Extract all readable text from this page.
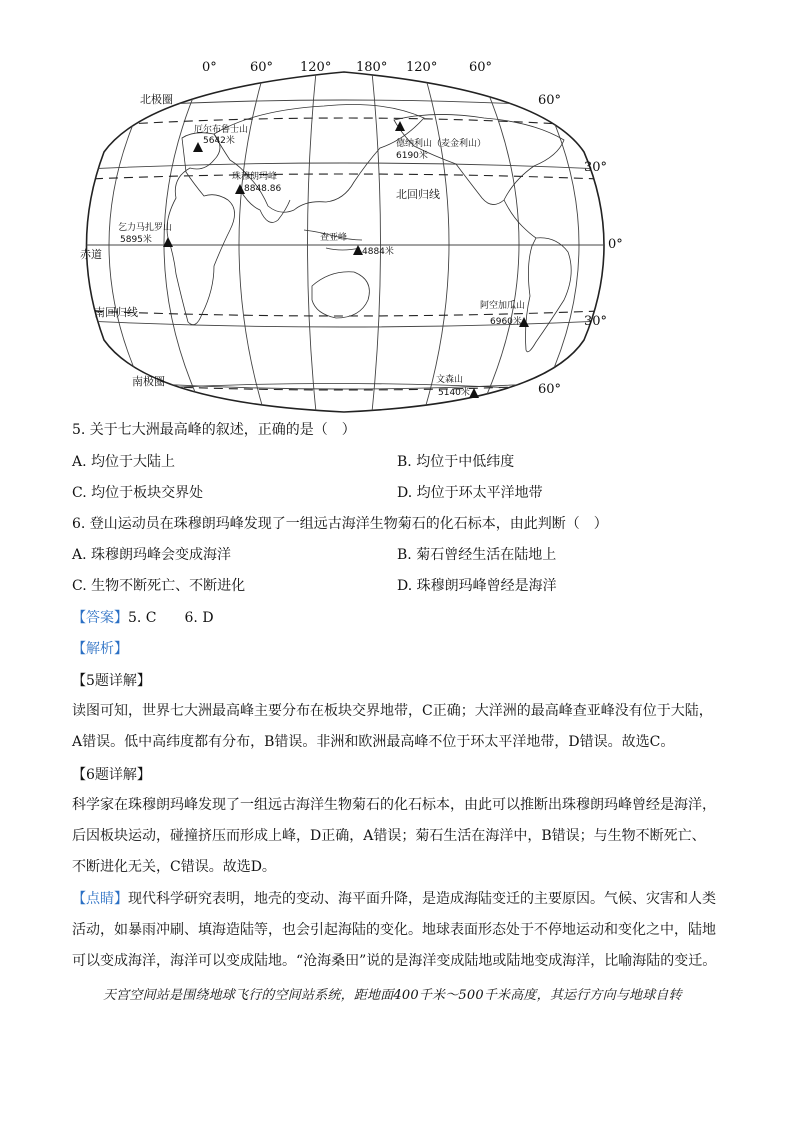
0°	60° 120° 180° 120° 60°
60°
30°
0°
30°
60°
北极圈
北回归线
赤道
南回归线
南极圈
厄尔布鲁士山
5642米
珠穆朗玛峰
8848.86
乞力马扎罗山
5895米	查亚峰
4884米
德纳利山（麦金利山）
6190米
阿空加瓜山
6960米
文森山
5140米
5. 关于七大洲最高峰的叙述，正确的是（　）
A. 均位于大陆上	B. 均位于中低纬度
C. 均位于板块交界处	D. 均位于环太平洋地带
6. 登山运动员在珠穆朗玛峰发现了一组远古海洋生物菊石的化石标本，由此判断（　）
A. 珠穆朗玛峰会变成海洋	B. 菊石曾经生活在陆地上
C. 生物不断死亡、不断进化	D. 珠穆朗玛峰曾经是海洋
【答案】5. C　　6. D
【解析】
【5题详解】
读图可知，世界七大洲最高峰主要分布在板块交界地带，C正确；大洋洲的最高峰查亚峰没有位于大陆，
A错误。低中高纬度都有分布，B错误。非洲和欧洲最高峰不位于环太平洋地带，D错误。故选C。
【6题详解】
科学家在珠穆朗玛峰发现了一组远古海洋生物菊石的化石标本，由此可以推断出珠穆朗玛峰曾经是海洋，
后因板块运动，碰撞挤压而形成上峰，D正确，A错误；菊石生活在海洋中，B错误；与生物不断死亡、
不断进化无关，C错误。故选D。
【点睛】现代科学研究表明，地壳的变动、海平面升降，是造成海陆变迁的主要原因。气候、灾害和人类
活动，如暴雨冲刷、填海造陆等，也会引起海陆的变化。地球表面形态处于不停地运动和变化之中，陆地
可以变成海洋，海洋可以变成陆地。“沧海桑田”说的是海洋变成陆地或陆地变成海洋，比喻海陆的变迁。
天宫空间站是围绕地球飞行的空间站系统，距地面400千米～500千米高度，其运行方向与地球自转
